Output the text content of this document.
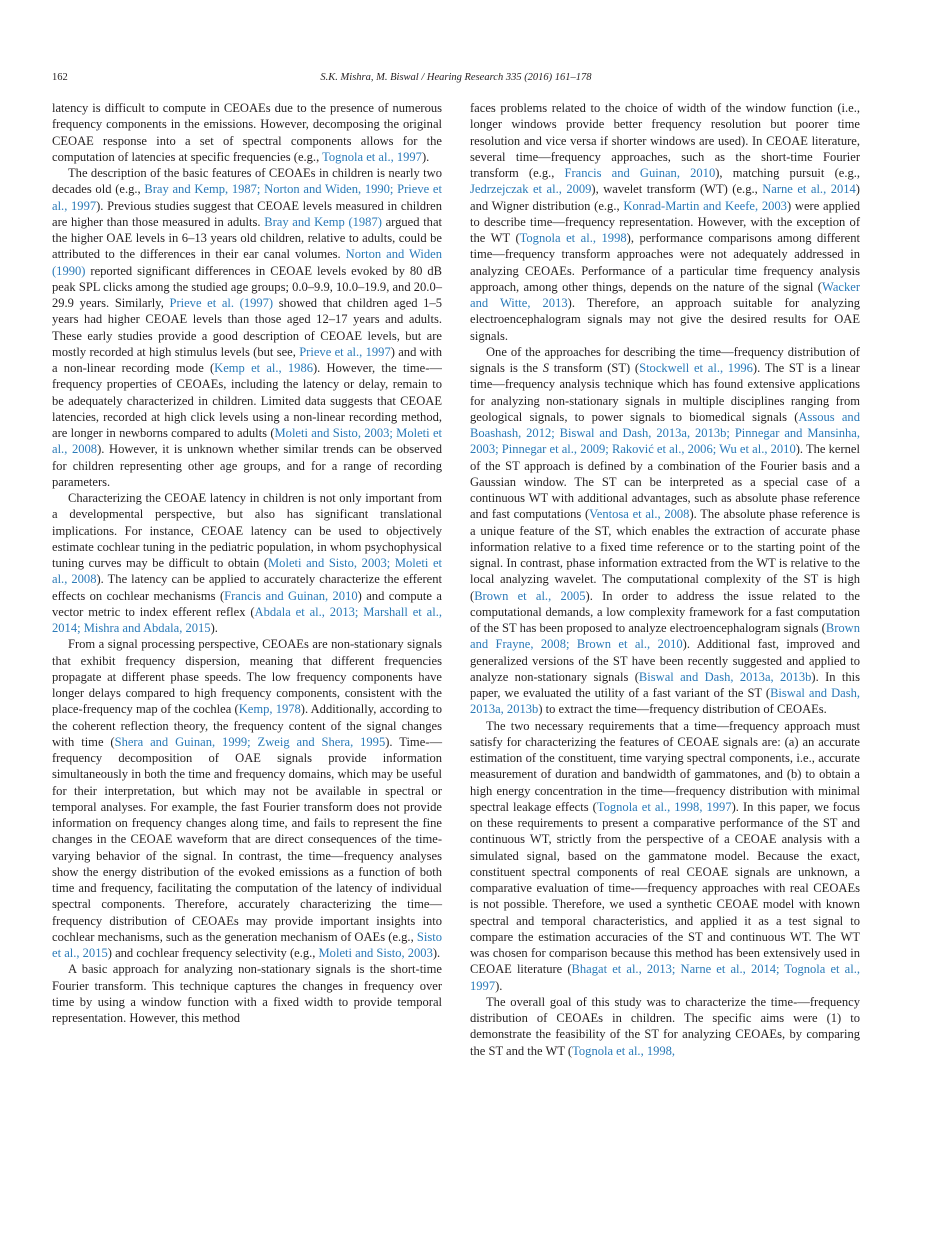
162	S.K. Mishra, M. Biswal / Hearing Research 335 (2016) 161–178

latency is difficult to compute in CEOAEs due to the presence of numerous frequency components in the emissions. However, decomposing the original CEOAE response into a set of spectral components allows for the computation of latencies at specific frequencies (e.g., Tognola et al., 1997).

The description of the basic features of CEOAEs in children is nearly two decades old (e.g., Bray and Kemp, 1987; Norton and Widen, 1990; Prieve et al., 1997). Previous studies suggest that CEOAE levels measured in children are higher than those measured in adults. Bray and Kemp (1987) argued that the higher OAE levels in 6–13 years old children, relative to adults, could be attributed to the differences in their ear canal volumes. Norton and Widen (1990) reported significant differences in CEOAE levels evoked by 80 dB peak SPL clicks among the studied age groups; 0.0–9.9, 10.0–19.9, and 20.0–29.9 years. Similarly, Prieve et al. (1997) showed that children aged 1–5 years had higher CEOAE levels than those aged 12–17 years and adults. These early studies provide a good description of CEOAE levels, but are mostly recorded at high stimulus levels (but see, Prieve et al., 1997) and with a non-linear recording mode (Kemp et al., 1986). However, the time-—frequency properties of CEOAEs, including the latency or delay, remain to be adequately characterized in children. Limited data suggests that CEOAE latencies, recorded at high click levels using a non-linear recording method, are longer in newborns compared to adults (Moleti and Sisto, 2003; Moleti et al., 2008). However, it is unknown whether similar trends can be observed for children representing other age groups, and for a range of recording parameters.

Characterizing the CEOAE latency in children is not only important from a developmental perspective, but also has significant translational implications. For instance, CEOAE latency can be used to objectively estimate cochlear tuning in the pediatric population, in whom psychophysical tuning curves may be difficult to obtain (Moleti and Sisto, 2003; Moleti et al., 2008). The latency can be applied to accurately characterize the efferent effects on cochlear mechanisms (Francis and Guinan, 2010) and compute a vector metric to index efferent reflex (Abdala et al., 2013; Marshall et al., 2014; Mishra and Abdala, 2015).

From a signal processing perspective, CEOAEs are non-stationary signals that exhibit frequency dispersion, meaning that different frequencies propagate at different phase speeds. The low frequency components have longer delays compared to high frequency components, consistent with the place-frequency map of the cochlea (Kemp, 1978). Additionally, according to the coherent reflection theory, the frequency content of the signal changes with time (Shera and Guinan, 1999; Zweig and Shera, 1995). Time-—frequency decomposition of OAE signals provide information simultaneously in both the time and frequency domains, which may be useful for their interpretation, but which may not be available in spectral or temporal analyses. For example, the fast Fourier transform does not provide information on frequency changes along time, and fails to represent the fine changes in the CEOAE waveform that are direct consequences of the time-varying behavior of the signal. In contrast, the time—frequency analyses show the energy distribution of the evoked emissions as a function of both time and frequency, facilitating the computation of the latency of individual spectral components. Therefore, accurately characterizing the time—frequency distribution of CEOAEs may provide important insights into cochlear mechanisms, such as the generation mechanism of OAEs (e.g., Sisto et al., 2015) and cochlear frequency selectivity (e.g., Moleti and Sisto, 2003).

A basic approach for analyzing non-stationary signals is the short-time Fourier transform. This technique captures the changes in frequency over time by using a window function with a fixed width to provide temporal representation. However, this method

faces problems related to the choice of width of the window function (i.e., longer windows provide better frequency resolution but poorer time resolution and vice versa if shorter windows are used). In CEOAE literature, several time—frequency approaches, such as the short-time Fourier transform (e.g., Francis and Guinan, 2010), matching pursuit (e.g., Jedrzejczak et al., 2009), wavelet transform (WT) (e.g., Narne et al., 2014) and Wigner distribution (e.g., Konrad-Martin and Keefe, 2003) were applied to describe time—frequency representation. However, with the exception of the WT (Tognola et al., 1998), performance comparisons among different time—frequency transform approaches were not adequately addressed in analyzing CEOAEs. Performance of a particular time frequency analysis approach, among other things, depends on the nature of the signal (Wacker and Witte, 2013). Therefore, an approach suitable for analyzing electroencephalogram signals may not give the desired results for OAE signals.

One of the approaches for describing the time—frequency distribution of signals is the S transform (ST) (Stockwell et al., 1996). The ST is a linear time—frequency analysis technique which has found extensive applications for analyzing non-stationary signals in multiple disciplines ranging from geological signals, to power signals to biomedical signals (Assous and Boashash, 2012; Biswal and Dash, 2013a, 2013b; Pinnegar and Mansinha, 2003; Pinnegar et al., 2009; Raković et al., 2006; Wu et al., 2010). The kernel of the ST approach is defined by a combination of the Fourier basis and a Gaussian window. The ST can be interpreted as a special case of a continuous WT with additional advantages, such as absolute phase reference and fast computations (Ventosa et al., 2008). The absolute phase reference is a unique feature of the ST, which enables the extraction of accurate phase information relative to a fixed time reference or to the starting point of the signal. In contrast, phase information extracted from the WT is relative to the local analyzing wavelet. The computational complexity of the ST is high (Brown et al., 2005). In order to address the issue related to the computational demands, a low complexity framework for a fast computation of the ST has been proposed to analyze electroencephalogram signals (Brown and Frayne, 2008; Brown et al., 2010). Additional fast, improved and generalized versions of the ST have been recently suggested and applied to analyze non-stationary signals (Biswal and Dash, 2013a, 2013b). In this paper, we evaluated the utility of a fast variant of the ST (Biswal and Dash, 2013a, 2013b) to extract the time—frequency distribution of CEOAEs.

The two necessary requirements that a time—frequency approach must satisfy for characterizing the features of CEOAE signals are: (a) an accurate estimation of the constituent, time varying spectral components, i.e., accurate measurement of duration and bandwidth of gammatones, and (b) to obtain a high energy concentration in the time—frequency distribution with minimal spectral leakage effects (Tognola et al., 1998, 1997). In this paper, we focus on these requirements to present a comparative performance of the ST and continuous WT, strictly from the perspective of a CEOAE analysis with a simulated signal, based on the gammatone model. Because the exact, constituent spectral components of real CEOAE signals are unknown, a comparative evaluation of time-—frequency approaches with real CEOAEs is not possible. Therefore, we used a synthetic CEOAE model with known spectral and temporal characteristics, and applied it as a test signal to compare the estimation accuracies of the ST and continuous WT. The WT was chosen for comparison because this method has been extensively used in CEOAE literature (Bhagat et al., 2013; Narne et al., 2014; Tognola et al., 1997).

The overall goal of this study was to characterize the time-—frequency distribution of CEOAEs in children. The specific aims were (1) to demonstrate the feasibility of the ST for analyzing CEOAEs, by comparing the ST and the WT (Tognola et al., 1998,
